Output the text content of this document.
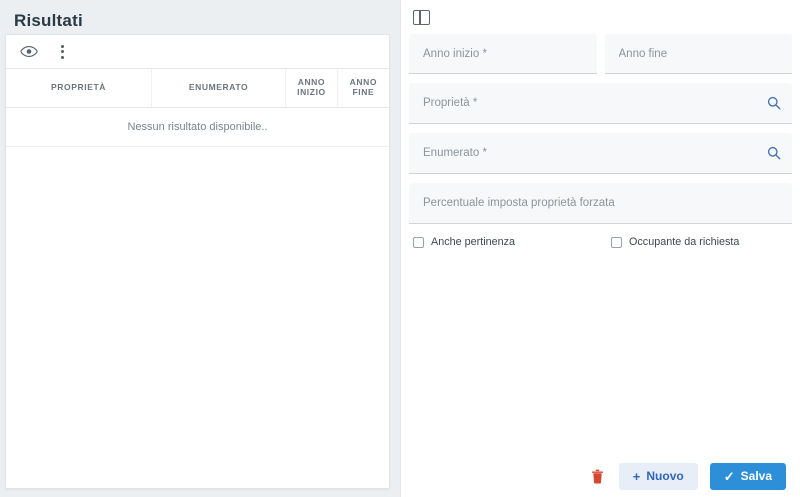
Risultati
PROPRIETÀ	ENUMERATO	ANNO INIZIO	ANNO FINE
Nessun risultato disponibile..
Anno inizio *
Anno fine
Proprietà *
Enumerato *
Percentuale imposta proprietà forzata
Anche pertinenza	Occupante da richiesta
+ Nuovo	✓ Salva
